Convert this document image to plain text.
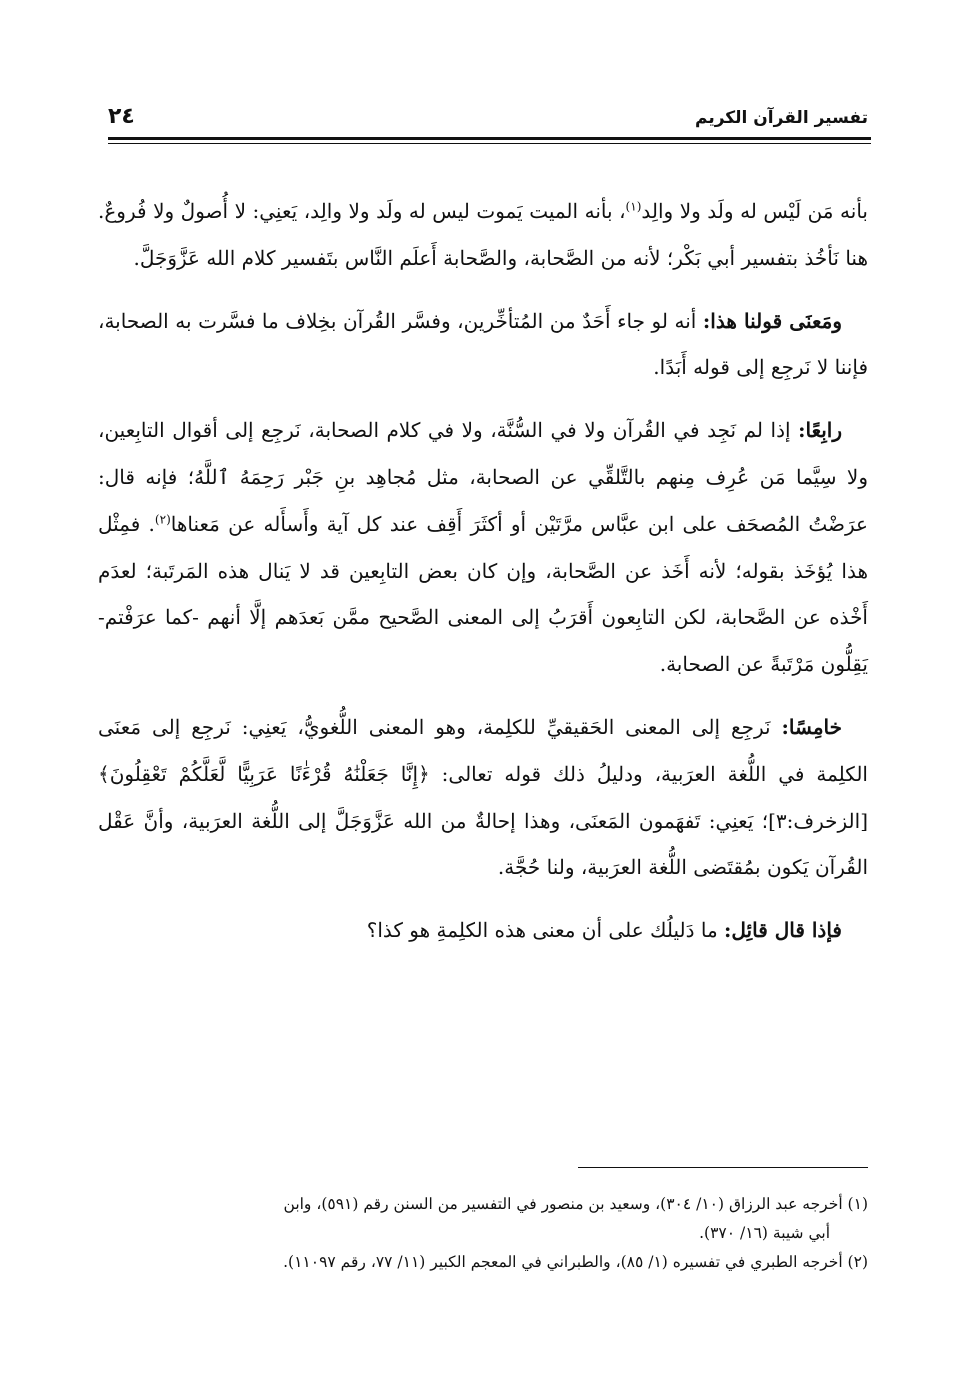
تفسير القرآن الكريم
٢٤

بأنه مَن لَيْس له ولَد ولا والِد$^{(١)}$، بأنه الميت يَموت ليس له ولَد ولا والِد، يَعنِي: لا أُصولٌ ولا فُروعٌ. هنا نَأخُذ بتفسير أبي بَكْر؛ لأنه من الصَّحابة، والصَّحابة أَعلَم النَّاس بتَفسير كلام الله عَزَّوَجَلَّ.

ومَعنَى قولنا هذا: أنه لو جاء أَحَدٌ من المُتأخِّرين، وفسَّر القُرآن بخِلاف ما فسَّرت به الصحابة، فإننا لا نَرجِع إلى قوله أَبَدًا.

رابِعًا: إذا لم نَجِد في القُرآن ولا في السُّنَّة، ولا في كلام الصحابة، نَرجِع إلى أقوال التابِعين، ولا سِيَّما مَن عُرِف مِنهم بالتَّلقِّي عن الصحابة، مثل مُجاهِد بنِ جَبْر رَحِمَهُ ٱللَّهُ؛ فإنه قال: عرَضْتُ المُصحَف على ابن عبَّاس مرَّتَيْن أو أكثَرَ أَقِف عند كل آية وأَسأَله عن مَعناها$^{(٢)}$. فمِثْل هذا يُؤخَذ بقوله؛ لأنه أَخَذ عن الصَّحابة، وإن كان بعض التابِعين قد لا يَنال هذه المَرتَبة؛ لعدَم أَخْذه عن الصَّحابة، لكن التابِعون أَقرَبُ إلى المعنى الصَّحيح ممَّن بَعدَهم إلَّا أنهم -كما عرَفْتم- يَقِلُّون مَرْتَبةً عن الصحابة.

خامِسًا: نَرجِع إلى المعنى الحَقيقيِّ للكلِمة، وهو المعنى اللُّغويُّ، يَعنِي: نَرجِع إلى مَعنَى الكلِمة في اللُّغة العرَبية، ودليلُ ذلك قوله تعالى: ﴿إِنَّا جَعَلْنَٰهُ قُرْءَٰنًا عَرَبِيًّا لَّعَلَّكُمْ تَعْقِلُونَ﴾ [الزخرف:٣]؛ يَعنِي: تَفهَمون المَعنَى، وهذا إحالةٌ من الله عَزَّوَجَلَّ إلى اللُّغة العرَبية، وأنَّ عَقْل القُرآن يَكون بمُقتَضى اللُّغة العرَبية، ولنا حُجَّة.

فإذا قال قائِل: ما دَليلُك على أن معنى هذه الكلِمةِ هو كذا؟

(١) أخرجه عبد الرزاق (١٠/ ٣٠٤)، وسعيد بن منصور في التفسير من السنن رقم (٥٩١)، وابن

أبي شيبة (١٦/ ٣٧٠).

(٢) أخرجه الطبري في تفسيره (١/ ٨٥)، والطبراني في المعجم الكبير (١١/ ٧٧، رقم ١١٠٩٧).
